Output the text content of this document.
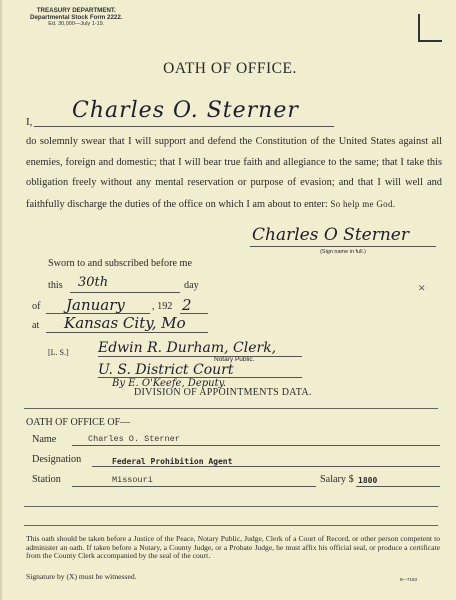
TREASURY DEPARTMENT.
Departmental Stock Form 2222.
Ed. 30,000—July 1-19.
OATH OF OFFICE.
I, Charles O. Sterner
do solemnly swear that I will support and defend the Constitution of the United States against all enemies, foreign and domestic; that I will bear true faith and allegiance to the same; that I take this obligation freely without any mental reservation or purpose of evasion; and that I will well and faithfully discharge the duties of the office on which I am about to enter: So help me God.
Charles O Sterner
(Sign name in full.)
Sworn to and subscribed before me
this 30th	day
of January	, 192 2
at Kansas City, Mo
×
[L. S.] Edwin R. Durham, Clerk,
Notary Public.
U. S. District Court
By E. O'Keefe, Deputy.
DIVISION OF APPOINTMENTS DATA.
OATH OF OFFICE OF—
Name	Charles O. Sterner
Designation	Federal Prohibition Agent
Station	Missouri	Salary $ 1800
This oath should be taken before a Justice of the Peace, Notary Public, Judge, Clerk of a Court of Record, or other person competent to administer an oath. If taken before a Notary, a County Judge, or a Probate Judge, he must affix his official seal, or produce a certificate from the County Clerk accompanied by the seal of the court.
Signature by (X) must be witnessed.	9—7163
